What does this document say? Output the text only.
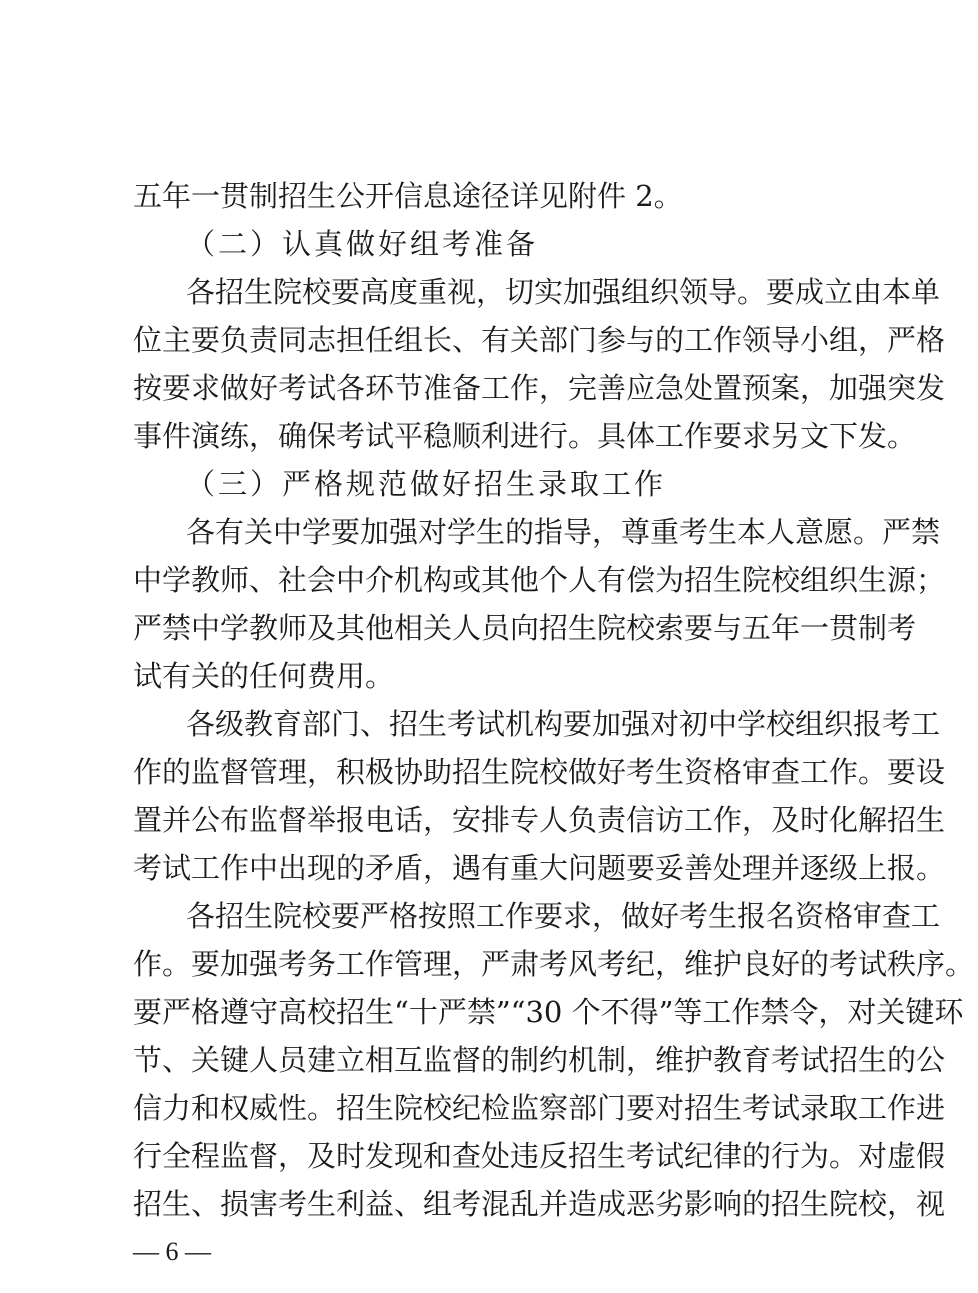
五年一贯制招生公开信息途径详见附件 2。
（二）认真做好组考准备
各招生院校要高度重视，切实加强组织领导。要成立由本单
位主要负责同志担任组长、有关部门参与的工作领导小组，严格
按要求做好考试各环节准备工作，完善应急处置预案，加强突发
事件演练，确保考试平稳顺利进行。具体工作要求另文下发。
（三）严格规范做好招生录取工作
各有关中学要加强对学生的指导，尊重考生本人意愿。严禁
中学教师、社会中介机构或其他个人有偿为招生院校组织生源；
严禁中学教师及其他相关人员向招生院校索要与五年一贯制考
试有关的任何费用。
各级教育部门、招生考试机构要加强对初中学校组织报考工
作的监督管理，积极协助招生院校做好考生资格审查工作。要设
置并公布监督举报电话，安排专人负责信访工作，及时化解招生
考试工作中出现的矛盾，遇有重大问题要妥善处理并逐级上报。
各招生院校要严格按照工作要求，做好考生报名资格审查工
作。要加强考务工作管理，严肃考风考纪，维护良好的考试秩序。
要严格遵守高校招生“十严禁”“30 个不得”等工作禁令，对关键环
节、关键人员建立相互监督的制约机制，维护教育考试招生的公
信力和权威性。招生院校纪检监察部门要对招生考试录取工作进
行全程监督，及时发现和查处违反招生考试纪律的行为。对虚假
招生、损害考生利益、组考混乱并造成恶劣影响的招生院校，视
— 6 —
